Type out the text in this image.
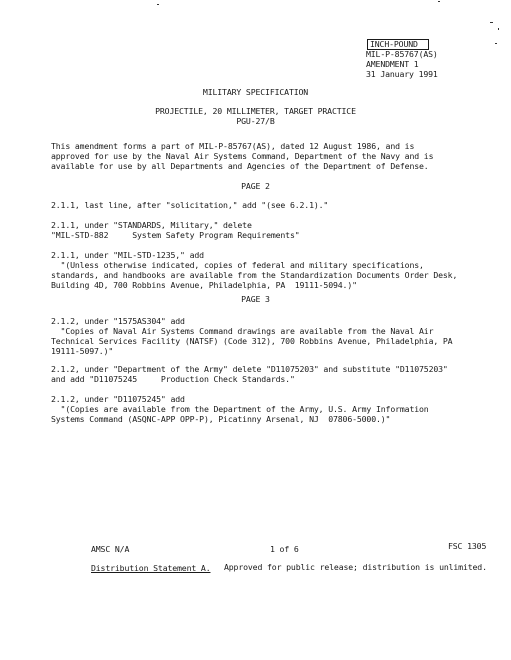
INCH-POUND
MIL-P-85767(AS)
AMENDMENT 1
31 January 1991
MILITARY SPECIFICATION
PROJECTILE, 20 MILLIMETER, TARGET PRACTICE
PGU-27/B
This amendment forms a part of MIL-P-85767(AS), dated 12 August 1986, and is
approved for use by the Naval Air Systems Command, Department of the Navy and is
available for use by all Departments and Agencies of the Department of Defense.
PAGE 2
2.1.1, last line, after "solicitation," add "(see 6.2.1)."
2.1.1, under "STANDARDS, Military," delete
"MIL-STD-882     System Safety Program Requirements"
2.1.1, under "MIL-STD-1235," add
"(Unless otherwise indicated, copies of federal and military specifications,
standards, and handbooks are available from the Standardization Documents Order Desk,
Building 4D, 700 Robbins Avenue, Philadelphia, PA  19111-5094.)"
PAGE 3
2.1.2, under "1575AS304" add
"Copies of Naval Air Systems Command drawings are available from the Naval Air
Technical Services Facility (NATSF) (Code 312), 700 Robbins Avenue, Philadelphia, PA
19111-5097.)"
2.1.2, under "Department of the Army" delete "D11075203" and substitute "D11075203"
and add "D11075245     Production Check Standards."
2.1.2, under "D11075245" add
"(Copies are available from the Department of the Army, U.S. Army Information
Systems Command (ASQNC-APP OPP-P), Picatinny Arsenal, NJ  07806-5000.)"
AMSC N/A	1 of 6	FSC 1305
Distribution Statement A. Approved for public release; distribution is unlimited.
